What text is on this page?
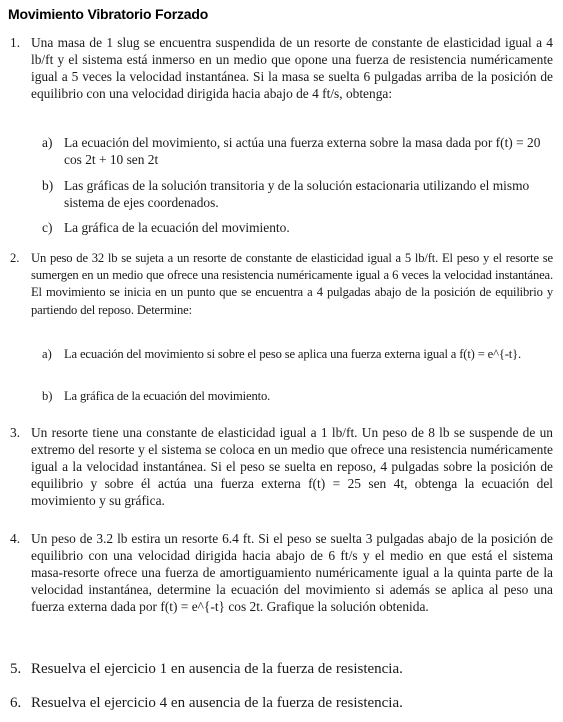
Movimiento Vibratorio Forzado
1. Una masa de 1 slug se encuentra suspendida de un resorte de constante de elasticidad igual a 4 lb/ft y el sistema está inmerso en un medio que opone una fuerza de resistencia numéricamente igual a 5 veces la velocidad instantánea. Si la masa se suelta 6 pulgadas arriba de la posición de equilibrio con una velocidad dirigida hacia abajo de 4 ft/s, obtenga:
a) La ecuación del movimiento, si actúa una fuerza externa sobre la masa dada por f(t) = 20 cos 2t + 10 sen 2t
b) Las gráficas de la solución transitoria y de la solución estacionaria utilizando el mismo sistema de ejes coordenados.
c) La gráfica de la ecuación del movimiento.
2. Un peso de 32 lb se sujeta a un resorte de constante de elasticidad igual a 5 lb/ft. El peso y el resorte se sumergen en un medio que ofrece una resistencia numéricamente igual a 6 veces la velocidad instantánea. El movimiento se inicia en un punto que se encuentra a 4 pulgadas abajo de la posición de equilibrio y partiendo del reposo. Determine:
a) La ecuación del movimiento si sobre el peso se aplica una fuerza externa igual a f(t) = e^{-t}.
b) La gráfica de la ecuación del movimiento.
3. Un resorte tiene una constante de elasticidad igual a 1 lb/ft. Un peso de 8 lb se suspende de un extremo del resorte y el sistema se coloca en un medio que ofrece una resistencia numéricamente igual a la velocidad instantánea. Si el peso se suelta en reposo, 4 pulgadas sobre la posición de equilibrio y sobre él actúa una fuerza externa f(t) = 25 sen 4t, obtenga la ecuación del movimiento y su gráfica.
4. Un peso de 3.2 lb estira un resorte 6.4 ft. Si el peso se suelta 3 pulgadas abajo de la posición de equilibrio con una velocidad dirigida hacia abajo de 6 ft/s y el medio en que está el sistema masa-resorte ofrece una fuerza de amortiguamiento numéricamente igual a la quinta parte de la velocidad instantánea, determine la ecuación del movimiento si además se aplica al peso una fuerza externa dada por f(t) = e^{-t} cos 2t. Grafique la solución obtenida.
5. Resuelva el ejercicio 1 en ausencia de la fuerza de resistencia.
6. Resuelva el ejercicio 4 en ausencia de la fuerza de resistencia.
